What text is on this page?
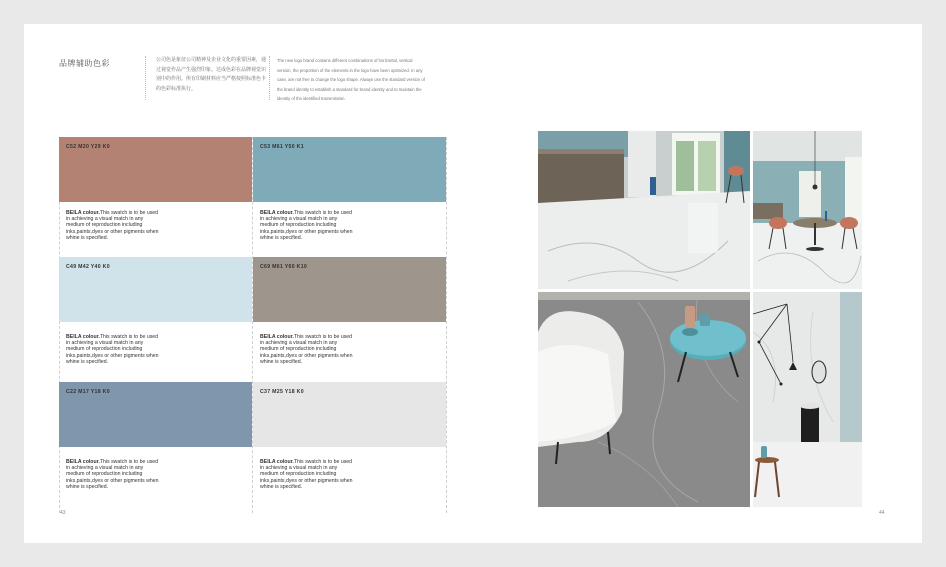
品牌辅助色彩	公司色是象征公司精神及企业文化的重要因素，通过视觉作品产生强烈印象。达成色彩在品牌视觉识别中的作用。所有印刷材料应当严格按照标准色卡的色彩标准执行。
The new logo brand contains different combinations of horizontal, vertical version, the proportion of the elements in the logo have been optimized. In any case, are not free to change the logo shape. Always use the standard version of the brand identity to establish a standard for brand identity and to maintain the identity of the identified transmission.
C52 M20 Y29 K0
BEILA colour.This swatch is to be used in achieving a visual match in any medium of reproduction including inks,paints,dyes or other pigments when whine is specified.
C53 M61 Y50 K1
BEILA colour.This swatch is to be used in achieving a visual match in any medium of reproduction including inks,paints,dyes or other pigments when whine is specified.
C49 M42 Y40 K0
BEILA colour.This swatch is to be used in achieving a visual match in any medium of reproduction including inks,paints,dyes or other pigments when whine is specified.
C69 M61 Y60 K10
BEILA colour.This swatch is to be used in achieving a visual match in any medium of reproduction including inks,paints,dyes or other pigments when whine is specified.
C22 M17 Y18 K0
BEILA colour.This swatch is to be used in achieving a visual match in any medium of reproduction including inks,paints,dyes or other pigments when whine is specified.
C37 M25 Y18 K0
BEILA colour.This swatch is to be used in achieving a visual match in any medium of reproduction including inks,paints,dyes or other pigments when whine is specified.
43	44
